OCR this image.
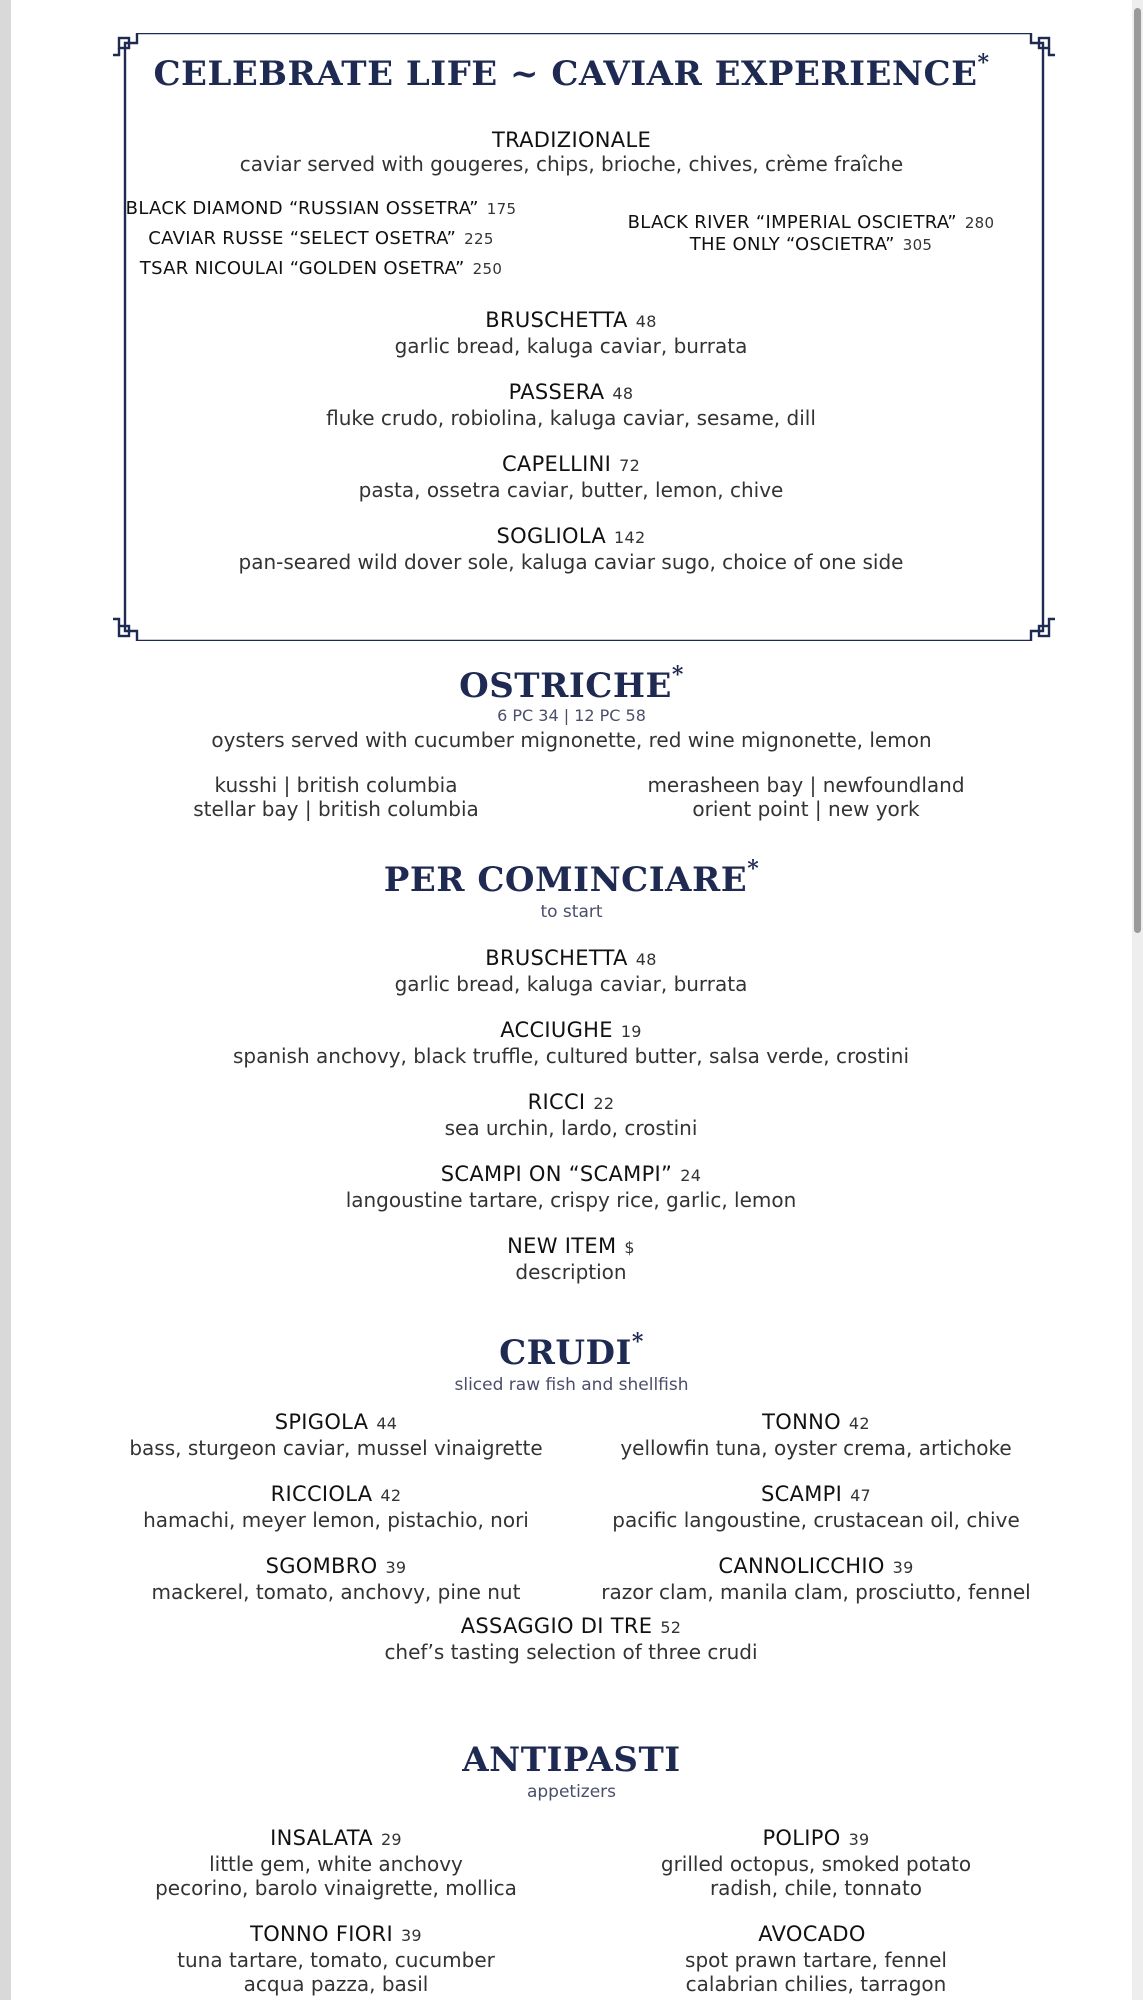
CELEBRATE LIFE ~ CAVIAR EXPERIENCE*
TRADIZIONALE
caviar served with gougeres, chips, brioche, chives, crème fraîche
BLACK DIAMOND “RUSSIAN OSSETRA” 175
CAVIAR RUSSE “SELECT OSETRA” 225
TSAR NICOULAI “GOLDEN OSETRA” 250
BLACK RIVER “IMPERIAL OSCIETRA” 280
THE ONLY “OSCIETRA” 305
BRUSCHETTA 48
garlic bread, kaluga caviar, burrata
PASSERA 48
fluke crudo, robiolina, kaluga caviar, sesame, dill
CAPELLINI 72
pasta, ossetra caviar, butter, lemon, chive
SOGLIOLA 142
pan-seared wild dover sole, kaluga caviar sugo, choice of one side
OSTRICHE*
6 PC 34 | 12 PC 58
oysters served with cucumber mignonette, red wine mignonette, lemon
kusshi | british columbia
stellar bay | british columbia
merasheen bay | newfoundland
orient point | new york
PER COMINCIARE*
to start
BRUSCHETTA 48
garlic bread, kaluga caviar, burrata
ACCIUGHE 19
spanish anchovy, black truffle, cultured butter, salsa verde, crostini
RICCI 22
sea urchin, lardo, crostini
SCAMPI ON “SCAMPI” 24
langoustine tartare, crispy rice, garlic, lemon
NEW ITEM $
description
CRUDI*
sliced raw fish and shellfish
SPIGOLA 44
bass, sturgeon caviar, mussel vinaigrette
RICCIOLA 42
hamachi, meyer lemon, pistachio, nori
SGOMBRO 39
mackerel, tomato, anchovy, pine nut
TONNO 42
yellowfin tuna, oyster crema, artichoke
SCAMPI 47
pacific langoustine, crustacean oil, chive
CANNOLICCHIO 39
razor clam, manila clam, prosciutto, fennel
ASSAGGIO DI TRE 52
chef’s tasting selection of three crudi
ANTIPASTI
appetizers
INSALATA 29
little gem, white anchovy
pecorino, barolo vinaigrette, mollica
TONNO FIORI 39
tuna tartare, tomato, cucumber
acqua pazza, basil
POLIPO 39
grilled octopus, smoked potato
radish, chile, tonnato
AVOCADO
spot prawn tartare, fennel
calabrian chilies, tarragon
